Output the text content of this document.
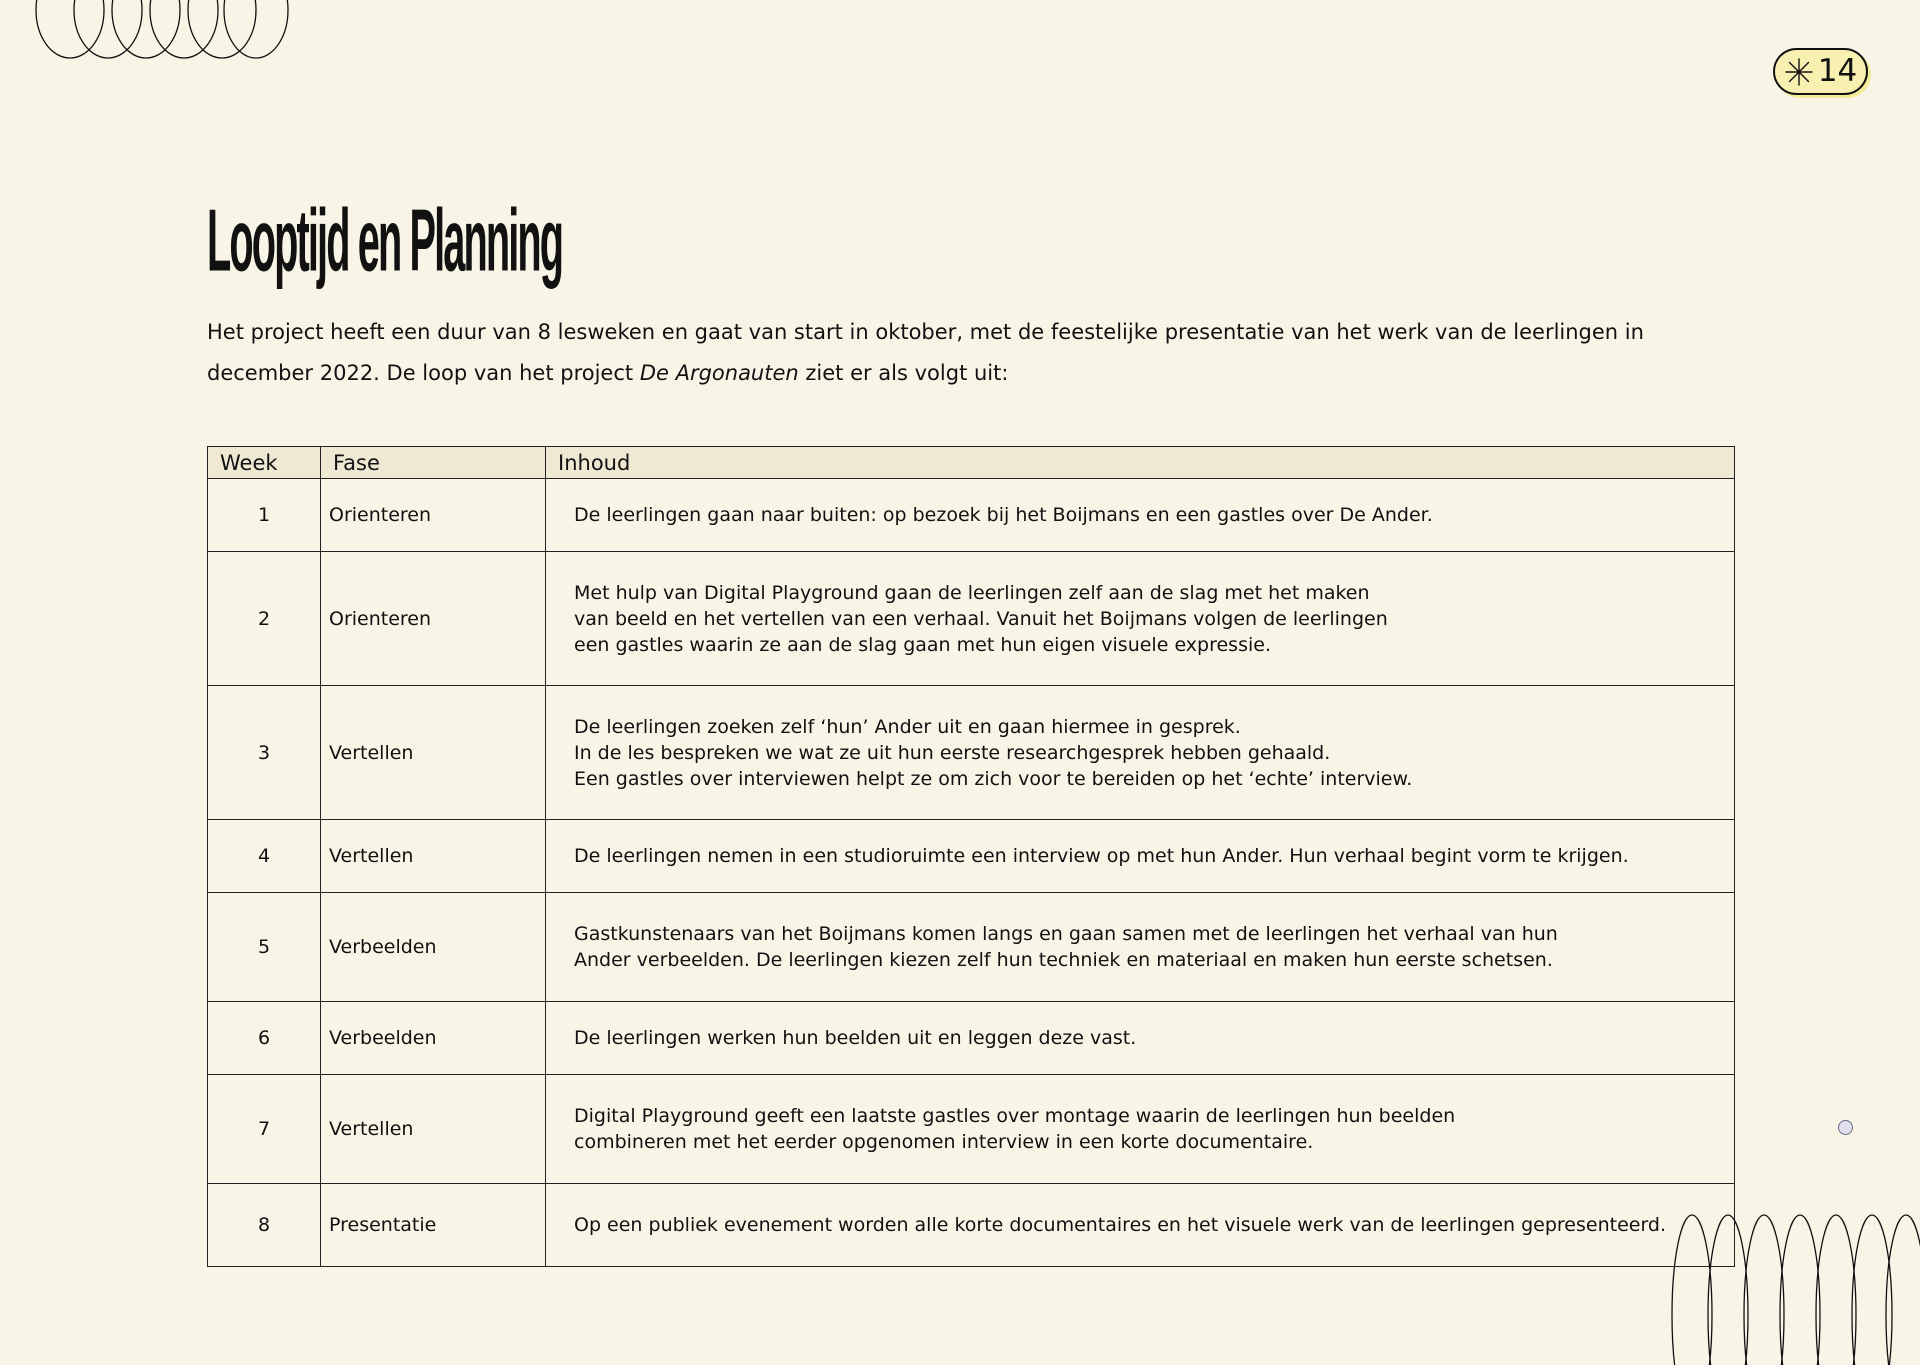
14
Looptijd en Planning

Het project heeft een duur van 8 lesweken en gaat van start in oktober, met de feestelijke presentatie van het werk van de leerlingen in december 2022. De loop van het project De Argonauten ziet er als volgt uit:

Week	Fase	Inhoud
1	Orienteren	De leerlingen gaan naar buiten: op bezoek bij het Boijmans en een gastles over De Ander.
2	Orienteren	Met hulp van Digital Playground gaan de leerlingen zelf aan de slag met het maken
van beeld en het vertellen van een verhaal. Vanuit het Boijmans volgen de leerlingen
een gastles waarin ze aan de slag gaan met hun eigen visuele expressie.
3	Vertellen	De leerlingen zoeken zelf ‘hun’ Ander uit en gaan hiermee in gesprek.
In de les bespreken we wat ze uit hun eerste researchgesprek hebben gehaald.
Een gastles over interviewen helpt ze om zich voor te bereiden op het ‘echte’ interview.
4	Vertellen	De leerlingen nemen in een studioruimte een interview op met hun Ander. Hun verhaal begint vorm te krijgen.
5	Verbeelden	Gastkunstenaars van het Boijmans komen langs en gaan samen met de leerlingen het verhaal van hun
Ander verbeelden. De leerlingen kiezen zelf hun techniek en materiaal en maken hun eerste schetsen.
6	Verbeelden	De leerlingen werken hun beelden uit en leggen deze vast.
7	Vertellen	Digital Playground geeft een laatste gastles over montage waarin de leerlingen hun beelden
combineren met het eerder opgenomen interview in een korte documentaire.
8	Presentatie	Op een publiek evenement worden alle korte documentaires en het visuele werk van de leerlingen gepresenteerd.
